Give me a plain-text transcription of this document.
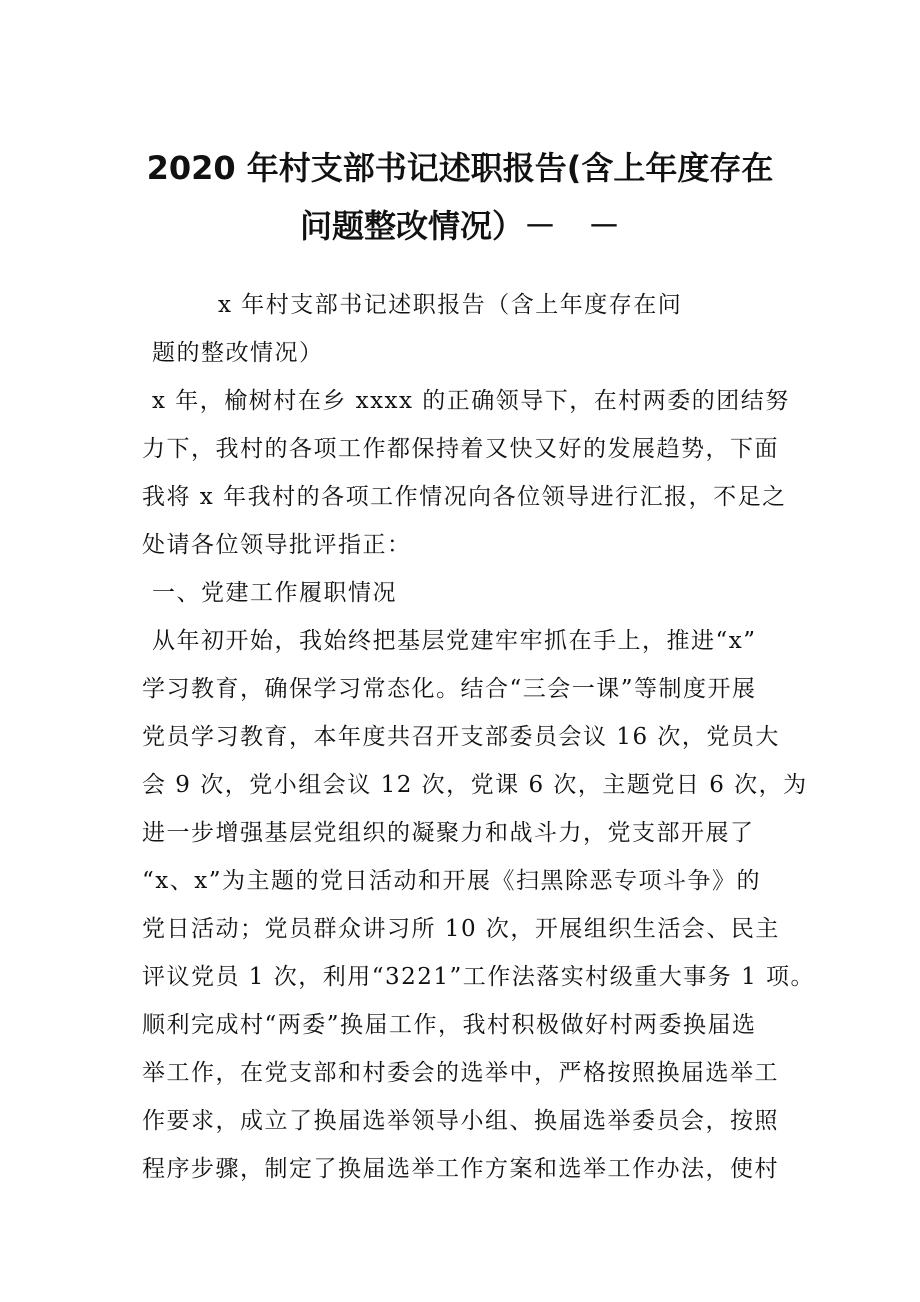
2020 年村支部书记述职报告(含上年度存在
问题整改情况）－　－
x 年村支部书记述职报告（含上年度存在问
题的整改情况）
x 年，榆树村在乡 xxxx 的正确领导下，在村两委的团结努
力下，我村的各项工作都保持着又快又好的发展趋势，下面
我将 x 年我村的各项工作情况向各位领导进行汇报，不足之
处请各位领导批评指正：
一、党建工作履职情况
从年初开始，我始终把基层党建牢牢抓在手上，推进“x”
学习教育，确保学习常态化。结合“三会一课”等制度开展
党员学习教育，本年度共召开支部委员会议 16 次，党员大
会 9 次，党小组会议 12 次，党课 6 次，主题党日 6 次，为
进一步增强基层党组织的凝聚力和战斗力，党支部开展了
“x、x”为主题的党日活动和开展《扫黑除恶专项斗争》的
党日活动；党员群众讲习所 10 次，开展组织生活会、民主
评议党员 1 次，利用“3221”工作法落实村级重大事务 1 项。
顺利完成村“两委”换届工作，我村积极做好村两委换届选
举工作，在党支部和村委会的选举中，严格按照换届选举工
作要求，成立了换届选举领导小组、换届选举委员会，按照
程序步骤，制定了换届选举工作方案和选举工作办法，使村
